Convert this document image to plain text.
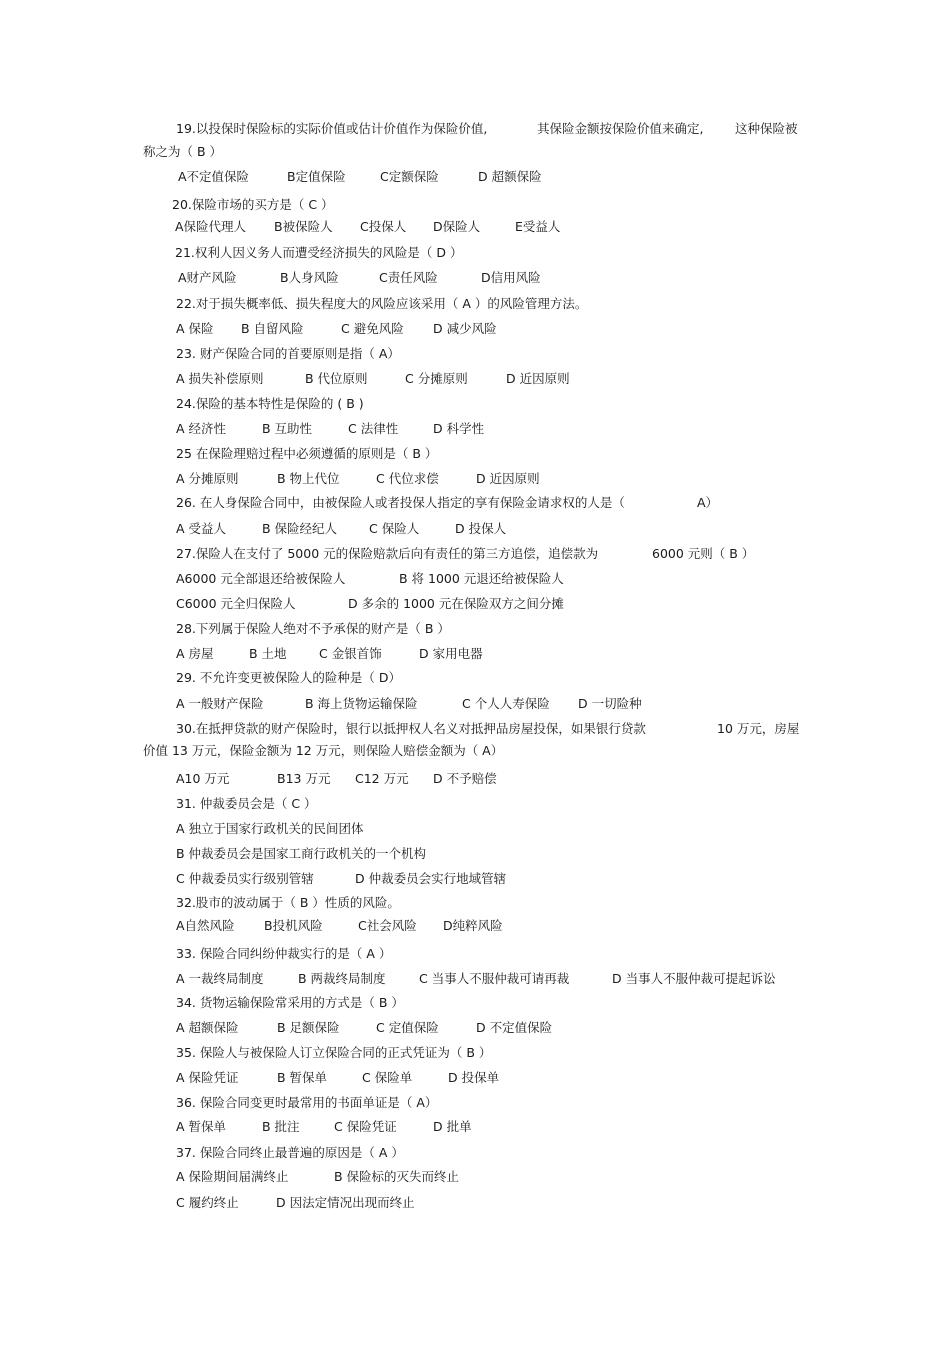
19.以投保时保险标的实际价值或估计价值作为保险价值,	其保险金额按保险价值来确定,	这种保险被
称之为（ B ）
A不定值保险	B定值保险	C定额保险	D 超额保险
20.保险市场的买方是（ C ）
A保险代理人 B被保险人 C投保人 D保险人	E受益人
21.权利人因义务人而遭受经济损失的风险是（ D ）
A财产风险	B人身风险	C责任风险	D信用风险
22.对于损失概率低、损失程度大的风险应该采用（ A ）的风险管理方法。
A 保险 B 自留风险	C 避免风险 D 减少风险
23. 财产保险合同的首要原则是指（ A）
A 损失补偿原则	B 代位原则	C 分摊原则	D 近因原则
24.保险的基本特性是保险的 ( B )
A 经济性	B 互助性	C 法律性	D 科学性
25 在保险理赔过程中必须遵循的原则是（ B ）
A 分摊原则	B 物上代位	C 代位求偿	D 近因原则
26. 在人身保险合同中，由被保险人或者投保人指定的享有保险金请求权的人是（	A）
A 受益人	B 保险经纪人	C 保险人	D 投保人
27.保险人在支付了 5000 元的保险赔款后向有责任的第三方追偿，追偿款为	6000 元则（ B ）
A6000 元全部退还给被保险人	B 将 1000 元退还给被保险人
C6000 元全归保险人	D 多余的 1000 元在保险双方之间分摊
28.下列属于保险人绝对不予承保的财产是（ B ）
A 房屋	B 土地	C 金银首饰	D 家用电器
29. 不允许变更被保险人的险种是（ D）
A 一般财产保险	B 海上货物运输保险	C 个人人寿保险 D 一切险种
30.在抵押贷款的财产保险时，银行以抵押权人名义对抵押品房屋投保，如果银行贷款	10 万元，房屋
价值 13 万元，保险金额为 12 万元，则保险人赔偿金额为（ A）
A10 万元	B13 万元 C12 万元 D 不予赔偿
31. 仲裁委员会是（ C ）
A 独立于国家行政机关的民间团体
B 仲裁委员会是国家工商行政机关的一个机构
C 仲裁委员实行级别管辖	D 仲裁委员会实行地域管辖
32.股市的波动属于（ B ）性质的风险。
A自然风险 B投机风险	C社会风险 D纯粹风险
33. 保险合同纠纷仲裁实行的是（ A ）
A 一裁终局制度	B 两裁终局制度	C 当事人不服仲裁可请再裁	D 当事人不服仲裁可提起诉讼
34. 货物运输保险常采用的方式是（ B ）
A 超额保险	B 足额保险	C 定值保险	D 不定值保险
35. 保险人与被保险人订立保险合同的正式凭证为（ B ）
A 保险凭证	B 暂保单	C 保险单	D 投保单
36. 保险合同变更时最常用的书面单证是（ A）
A 暂保单	B 批注	C 保险凭证	D 批单
37. 保险合同终止最普遍的原因是（ A ）
A 保险期间届满终止	B 保险标的灭失而终止
C 履约终止	D 因法定情况出现而终止
